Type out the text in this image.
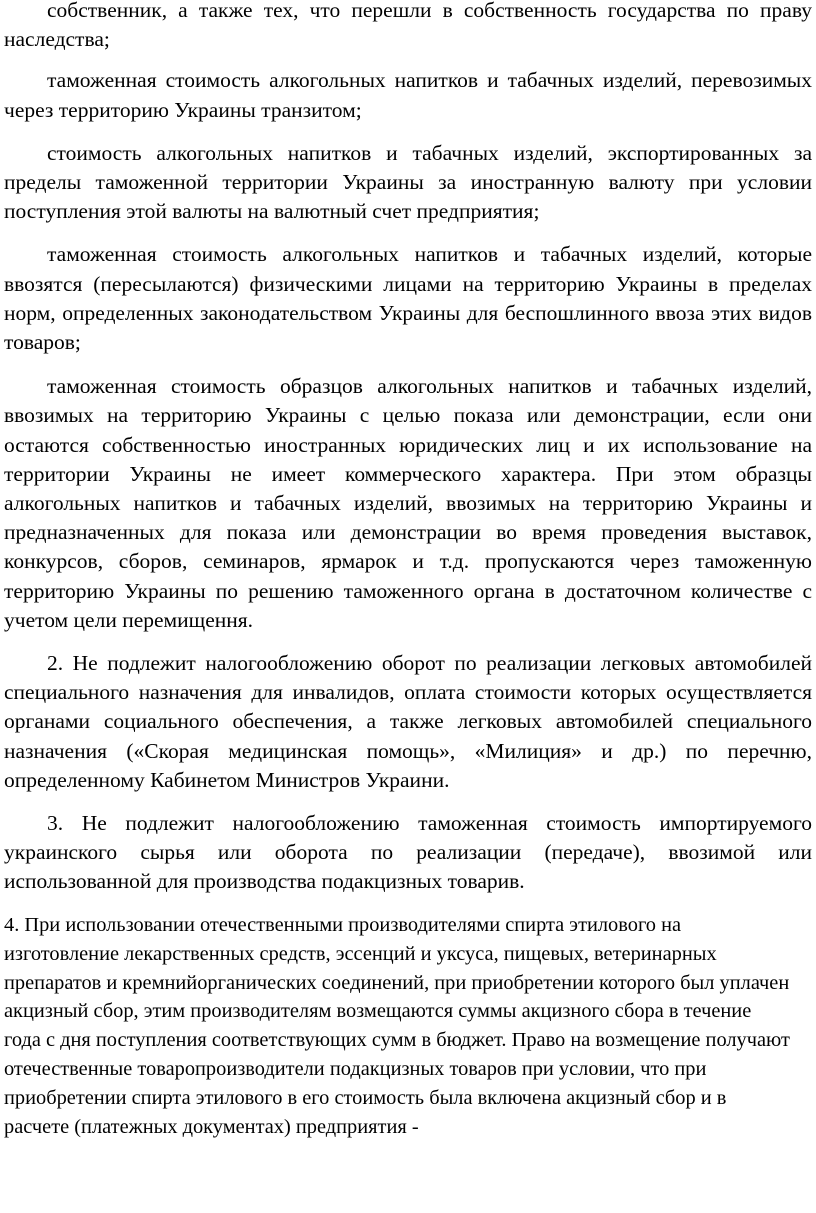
собственник, а также тех, что перешли в собственность государства по праву наследства;

таможенная стоимость алкогольных напитков и табачных изделий, перевозимых через территорию Украины транзитом;

стоимость алкогольных напитков и табачных изделий, экспортированных за пределы таможенной территории Украины за иностранную валюту при условии поступления этой валюты на валютный счет предприятия;

таможенная стоимость алкогольных напитков и табачных изделий, которые ввозятся (пересылаются) физическими лицами на территорию Украины в пределах норм, определенных законодательством Украины для беспошлинного ввоза этих видов товаров;

таможенная стоимость образцов алкогольных напитков и табачных изделий, ввозимых на территорию Украины с целью показа или демонстрации, если они остаются собственностью иностранных юридических лиц и их использование на территории Украины не имеет коммерческого характера. При этом образцы алкогольных напитков и табачных изделий, ввозимых на территорию Украины и предназначенных для показа или демонстрации во время проведения выставок, конкурсов, сборов, семинаров, ярмарок и т.д. пропускаются через таможенную территорию Украины по решению таможенного органа в достаточном количестве с учетом цели перемищення.

2. Не подлежит налогообложению оборот по реализации легковых автомобилей специального назначения для инвалидов, оплата стоимости которых осуществляется органами социального обеспечения, а также легковых автомобилей специального назначения («Скорая медицинская помощь», «Милиция» и др.) по перечню, определенному Кабинетом Министров Украини.

3. Не подлежит налогообложению таможенная стоимость импортируемого украинского сырья или оборота по реализации (передаче), ввозимой или использованной для производства подакцизных товарив.

4. При использовании отечественными производителями спирта этилового на изготовление лекарственных средств, эссенций и уксуса, пищевых, ветеринарных препаратов и кремнийорганических соединений, при приобретении которого был уплачен акцизный сбор, этим производителям возмещаются суммы акцизного сбора в течение года с дня поступления соответствующих сумм в бюджет. Право на возмещение получают отечественные товаропроизводители подакцизных товаров при условии, что при приобретении спирта этилового в его стоимость была включена акцизный сбор и в расчете (платежных документах) предприятия -
